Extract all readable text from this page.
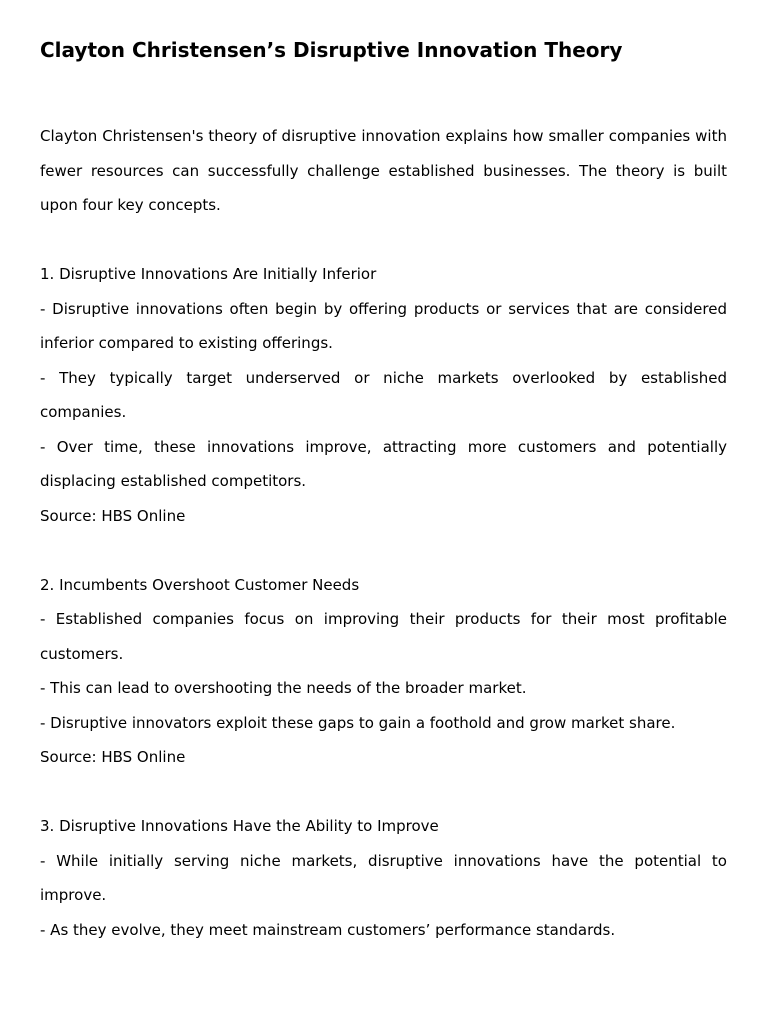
Clayton Christensen’s Disruptive Innovation Theory

Clayton Christensen's theory of disruptive innovation explains how smaller companies with fewer resources can successfully challenge established businesses. The theory is built upon four key concepts.

1. Disruptive Innovations Are Initially Inferior

- Disruptive innovations often begin by offering products or services that are considered inferior compared to existing offerings.

- They typically target underserved or niche markets overlooked by established companies.

- Over time, these innovations improve, attracting more customers and potentially displacing established competitors.

Source: HBS Online

2. Incumbents Overshoot Customer Needs

- Established companies focus on improving their products for their most profitable customers.

- This can lead to overshooting the needs of the broader market.

- Disruptive innovators exploit these gaps to gain a foothold and grow market share.

Source: HBS Online

3. Disruptive Innovations Have the Ability to Improve

- While initially serving niche markets, disruptive innovations have the potential to improve.

- As they evolve, they meet mainstream customers’ performance standards.
